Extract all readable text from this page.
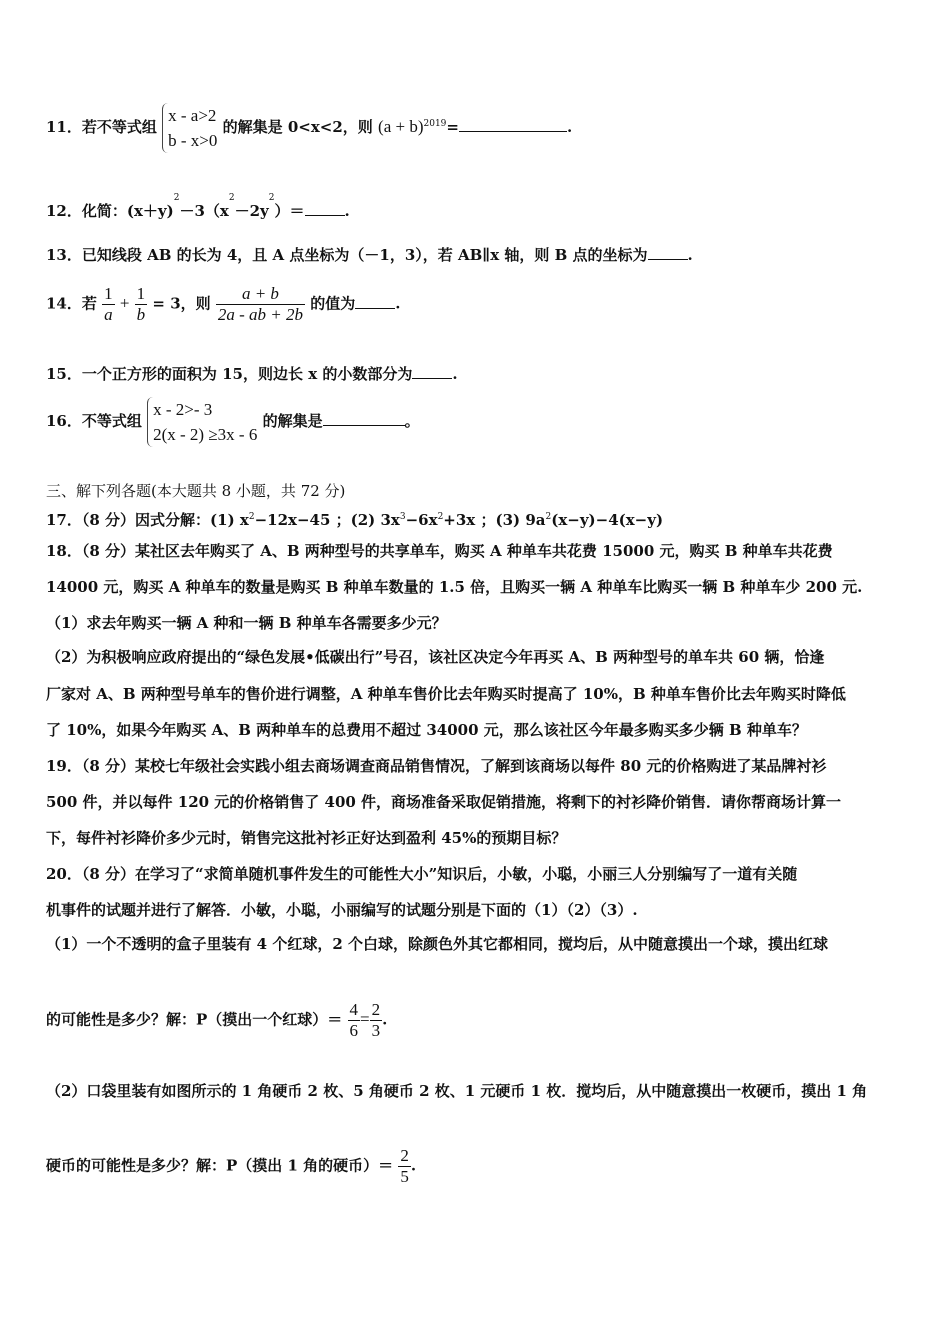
11．若不等式组
x - a>2
b - x>0
的解集是 0<x<2，则 $(a + b)^{2019}=$	.
12．化简：$(x+y)^2-3(x^2-2y^2)=$	.
13．已知线段 AB 的长为 4，且 A 点坐标为（－1，3），若 AB∥x 轴，则 B 点的坐标为	.
14．若 $\frac{1}{a} + \frac{1}{b} = 3$，则 $\frac{a + b}{2a - ab + 2b}$ 的值为	.
15．一个正方形的面积为 15，则边长 x 的小数部分为	.
16．不等式组
x - 2>- 3
2(x - 2) ≥3x - 6
的解集是	。
三、解下列各题(本大题共 8 小题，共 72 分)
17．（8 分）因式分解：(1) $x^2-12x-45$ ；(2) $3x^3-6x^2+3x$ ；(3) $9a^2(x-y)-4(x-y)$
18．（8 分）某社区去年购买了 A、B 两种型号的共享单车，购买 A 种单车共花费 15000 元，购买 B 种单车共花费
14000 元，购买 A 种单车的数量是购买 B 种单车数量的 1.5 倍，且购买一辆 A 种单车比购买一辆 B 种单车少 200 元.
（1）求去年购买一辆 A 种和一辆 B 种单车各需要多少元？
（2）为积极响应政府提出的“绿色发展•低碳出行”号召，该社区决定今年再买 A、B 两种型号的单车共 60 辆，恰逢
厂家对 A、B 两种型号单车的售价进行调整，A 种单车售价比去年购买时提高了 10%，B 种单车售价比去年购买时降低
了 10%，如果今年购买 A、B 两种单车的总费用不超过 34000 元，那么该社区今年最多购买多少辆 B 种单车？
19．（8 分）某校七年级社会实践小组去商场调查商品销售情况，了解到该商场以每件 80 元的价格购进了某品牌衬衫
500 件，并以每件 120 元的价格销售了 400 件，商场准备采取促销措施，将剩下的衬衫降价销售．请你帮商场计算一
下，每件衬衫降价多少元时，销售完这批衬衫正好达到盈利 45%的预期目标？
20．（8 分）在学习了“求简单随机事件发生的可能性大小”知识后，小敏，小聪，小丽三人分别编写了一道有关随
机事件的试题并进行了解答．小敏，小聪，小丽编写的试题分别是下面的（1）（2）（3）.
（1）一个不透明的盒子里装有 4 个红球，2 个白球，除颜色外其它都相同，搅均后，从中随意摸出一个球，摸出红球
的可能性是多少？解：P（摸出一个红球）＝ $\frac{4}{6} = \frac{2}{3}$ .
（2）口袋里装有如图所示的 1 角硬币 2 枚、5 角硬币 2 枚、1 元硬币 1 枚．搅均后，从中随意摸出一枚硬币，摸出 1 角
硬币的可能性是多少？解：P（摸出 1 角的硬币）＝ $\frac{2}{5}$ .
